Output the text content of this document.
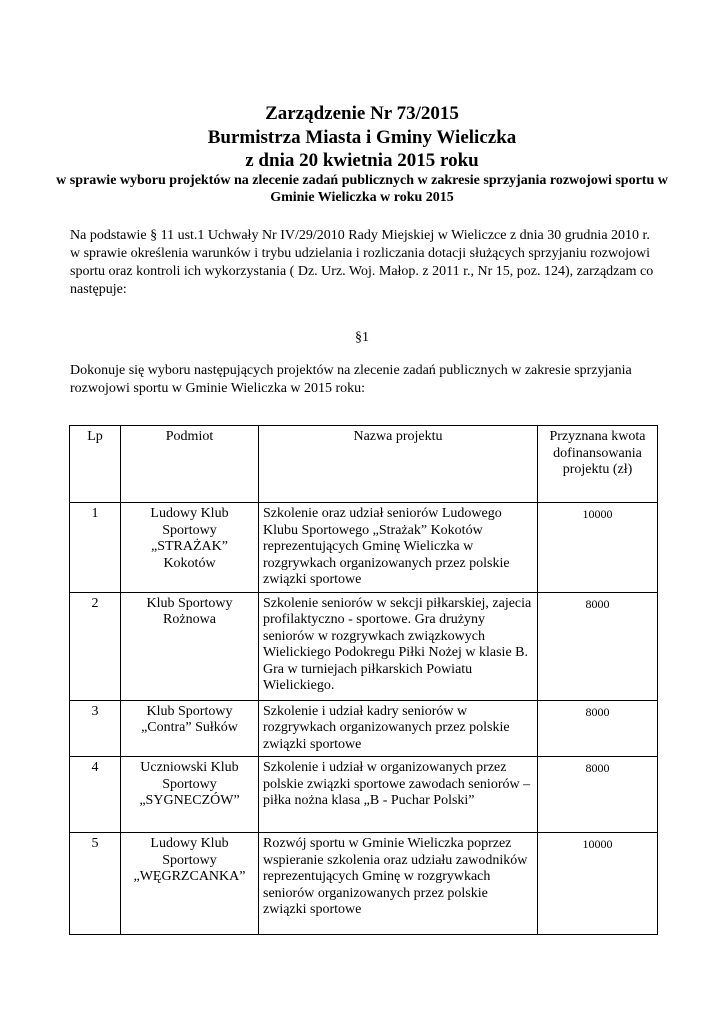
Zarządzenie Nr 73/2015
Burmistrza Miasta i Gminy Wieliczka
z dnia 20 kwietnia 2015 roku
w sprawie wyboru projektów na zlecenie zadań publicznych w zakresie sprzyjania rozwojowi sportu w Gminie Wieliczka w roku 2015

Na podstawie § 11 ust.1 Uchwały Nr IV/29/2010 Rady Miejskiej w Wieliczce z dnia 30 grudnia 2010 r. w sprawie określenia warunków i trybu udzielania i rozliczania dotacji służących sprzyjaniu rozwojowi sportu oraz kontroli ich wykorzystania ( Dz. Urz. Woj. Małop. z 2011 r., Nr 15, poz. 124), zarządzam co następuje:

§1

Dokonuje się wyboru następujących projektów na zlecenie zadań publicznych w zakresie sprzyjania rozwojowi sportu w Gminie Wieliczka w 2015 roku:

Lp	Podmiot	Nazwa projektu	Przyznana kwota dofinansowania projektu (zł)
1	Ludowy Klub Sportowy „STRAŻAK” Kokotów	Szkolenie oraz udział seniorów Ludowego Klubu Sportowego „Strażak” Kokotów reprezentujących Gminę Wieliczka w rozgrywkach organizowanych przez polskie związki sportowe	10000
2	Klub Sportowy Rożnowa	Szkolenie seniorów w sekcji piłkarskiej, zajecia profilaktyczno - sportowe. Gra drużyny seniorów w rozgrywkach związkowych Wielickiego Podokregu Piłki Nożej w klasie B. Gra w turniejach piłkarskich Powiatu Wielickiego.	8000
3	Klub Sportowy „Contra” Sułków	Szkolenie i udział kadry seniorów w rozgrywkach organizowanych przez polskie związki sportowe	8000
4	Uczniowski Klub Sportowy „SYGNECZÓW”	Szkolenie i udział w organizowanych przez polskie związki sportowe zawodach seniorów – piłka nożna klasa „B - Puchar Polski”	8000
5	Ludowy Klub Sportowy „WĘGRZCANKA”	Rozwój sportu w Gminie Wieliczka poprzez wspieranie szkolenia oraz udziału zawodników reprezentujących Gminę w rozgrywkach seniorów organizowanych przez polskie związki sportowe	10000
